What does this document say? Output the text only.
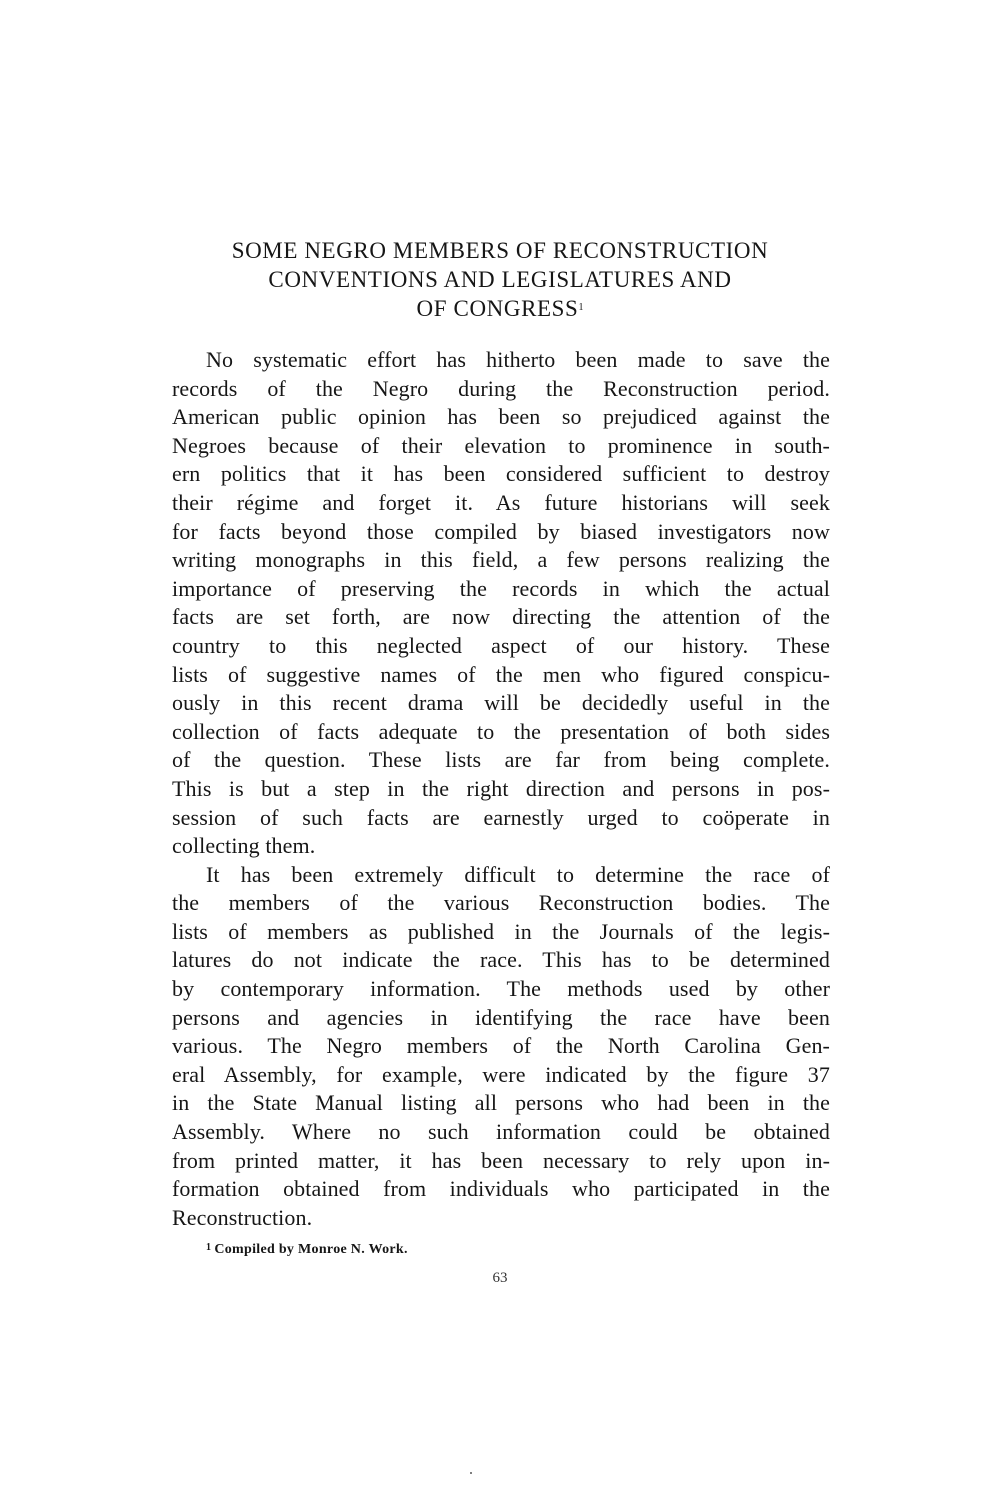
SOME NEGRO MEMBERS OF RECONSTRUCTION
CONVENTIONS AND LEGISLATURES AND
OF CONGRESS$^1$
No systematic effort has hitherto been made to save the
records of the Negro during the Reconstruction period.
American public opinion has been so prejudiced against the
Negroes because of their elevation to prominence in south-
ern politics that it has been considered sufficient to destroy
their régime and forget it. As future historians will seek
for facts beyond those compiled by biased investigators now
writing monographs in this field, a few persons realizing the
importance of preserving the records in which the actual
facts are set forth, are now directing the attention of the
country to this neglected aspect of our history. These
lists of suggestive names of the men who figured conspicu-
ously in this recent drama will be decidedly useful in the
collection of facts adequate to the presentation of both sides
of the question. These lists are far from being complete.
This is but a step in the right direction and persons in pos-
session of such facts are earnestly urged to coöperate in
collecting them.
It has been extremely difficult to determine the race of
the members of the various Reconstruction bodies. The
lists of members as published in the Journals of the legis-
latures do not indicate the race. This has to be determined
by contemporary information. The methods used by other
persons and agencies in identifying the race have been
various. The Negro members of the North Carolina Gen-
eral Assembly, for example, were indicated by the figure 37
in the State Manual listing all persons who had been in the
Assembly. Where no such information could be obtained
from printed matter, it has been necessary to rely upon in-
formation obtained from individuals who participated in the
Reconstruction.
$^1$ Compiled by Monroe N. Work.
63
